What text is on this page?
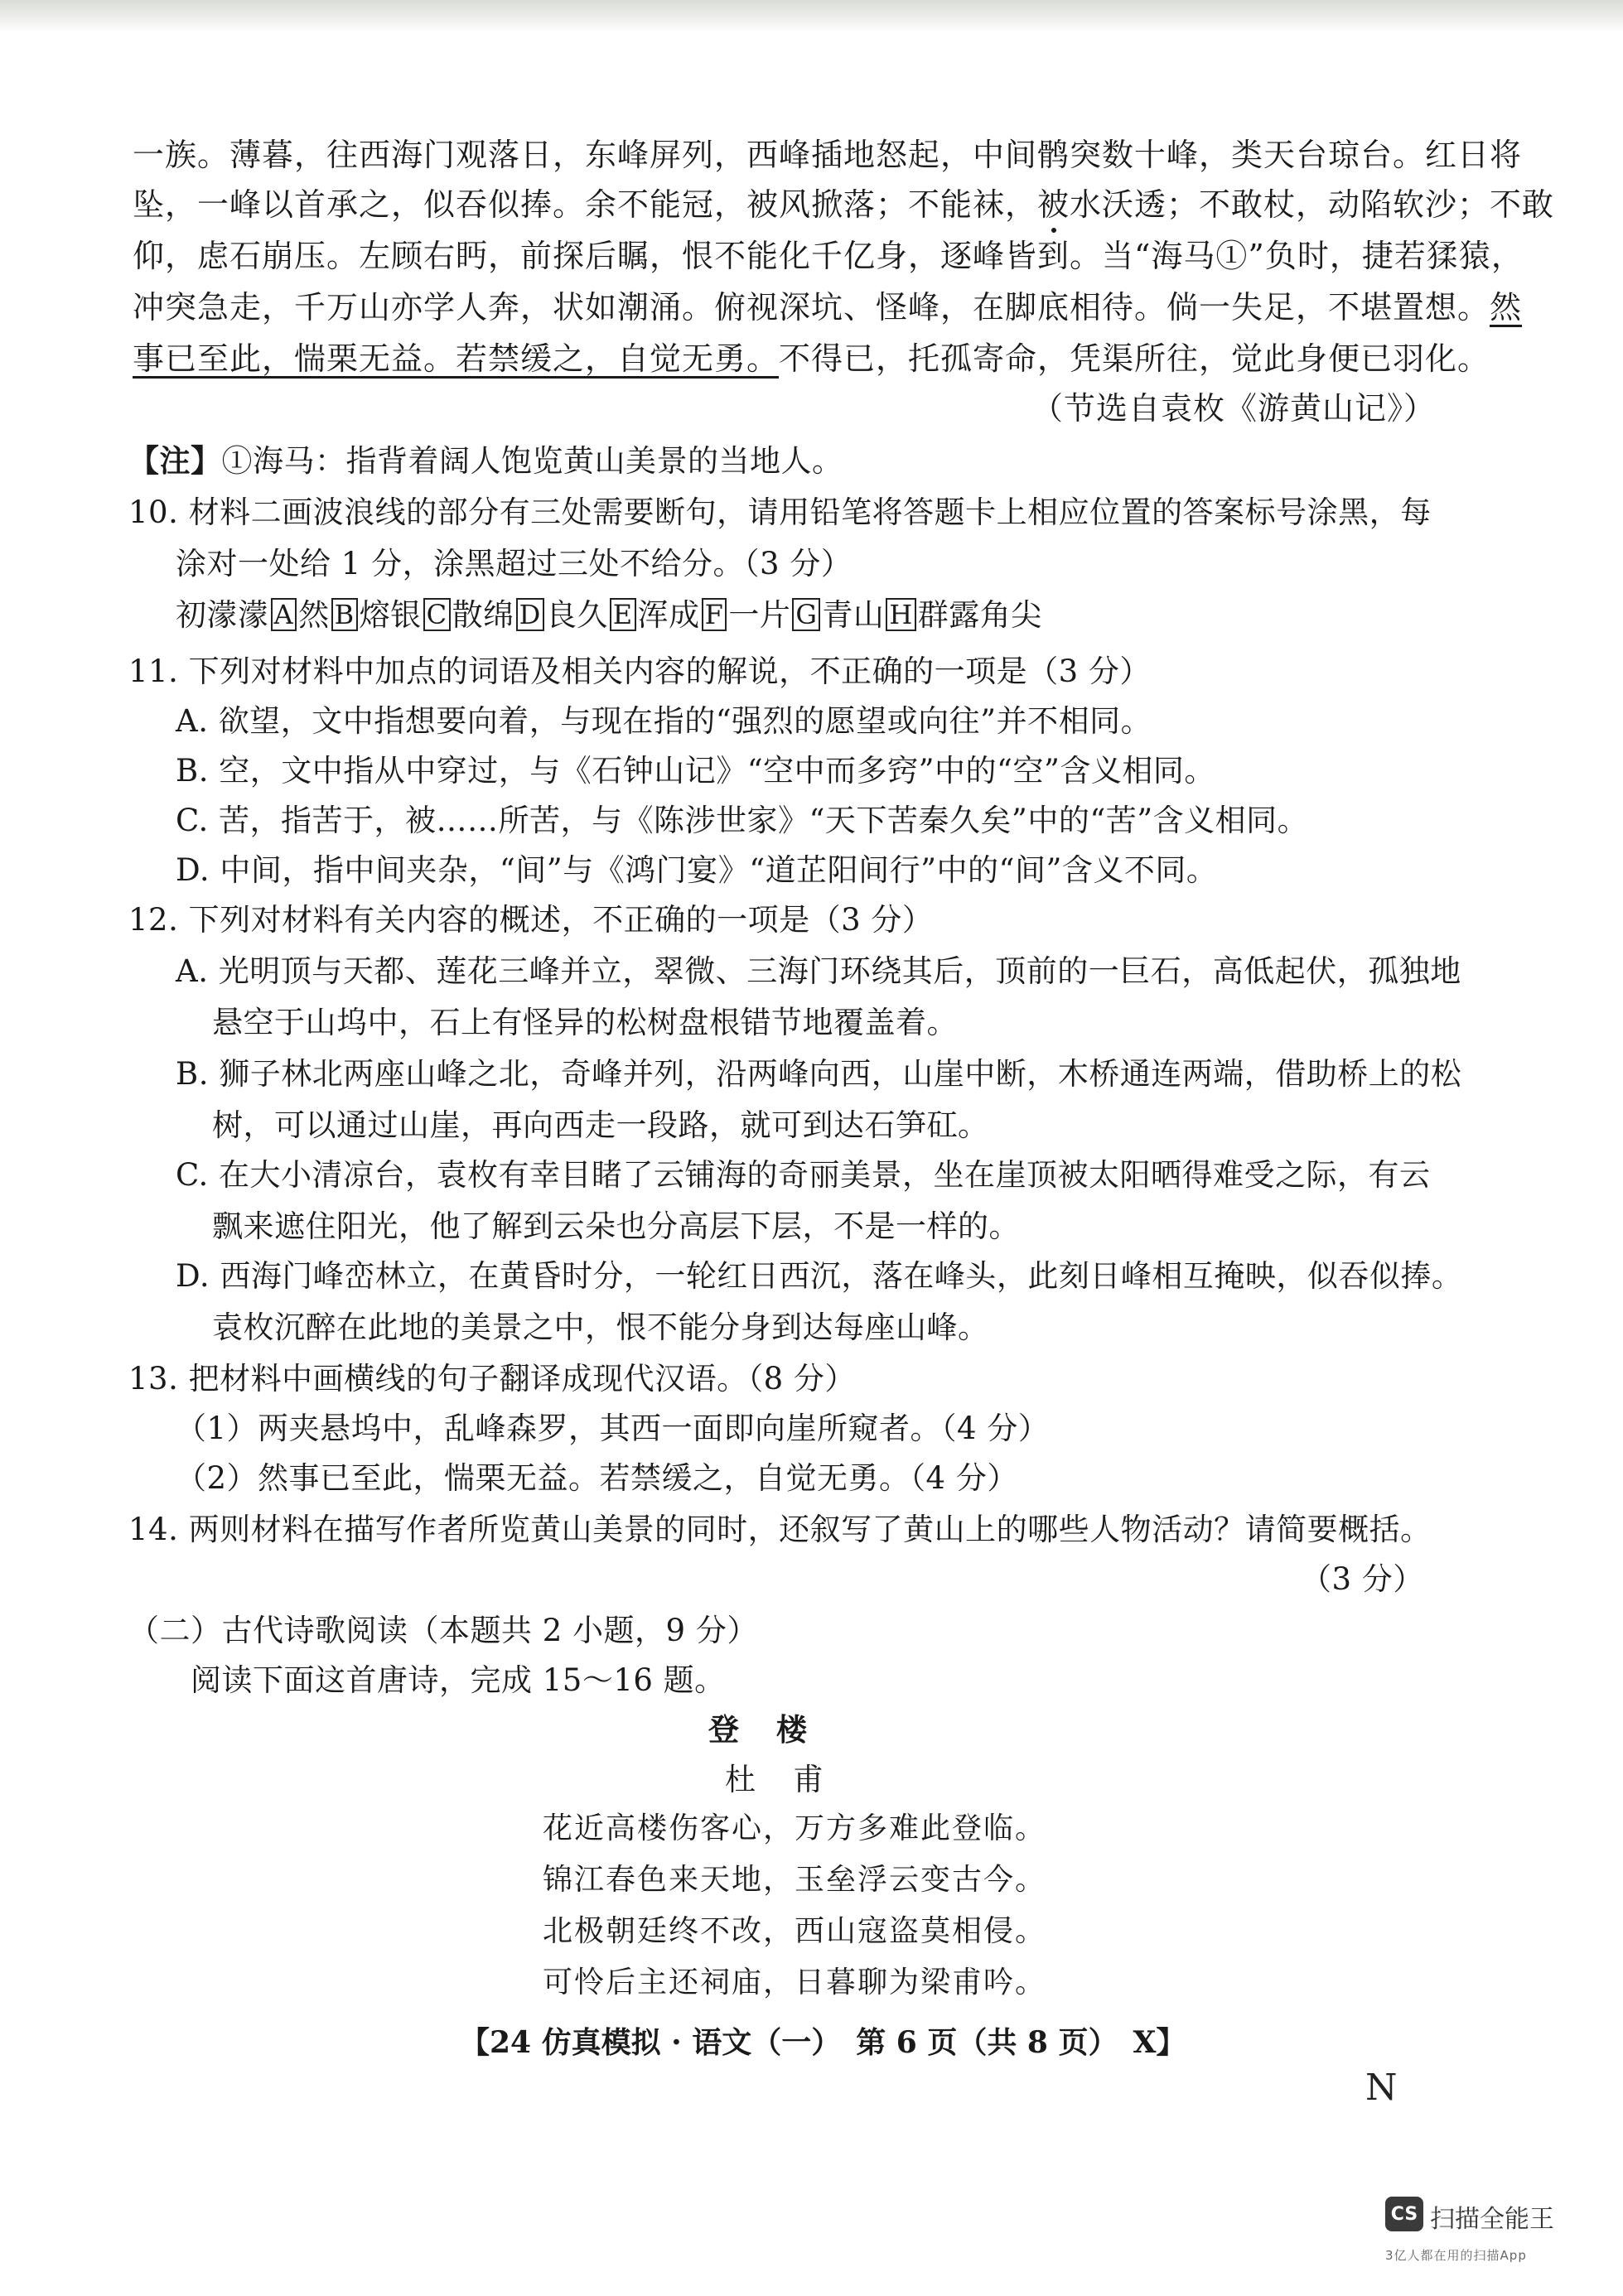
一族。薄暮，往西海门观落日，东峰屏列，西峰插地怒起，中间鹘突数十峰，类天台琼台。红日将
坠，一峰以首承之，似吞似捧。余不能冠，被风掀落；不能袜，被水沃透；不敢杖，动陷软沙；不敢
仰，虑石崩压。左顾右眄，前探后瞩，恨不能化千亿身，逐峰皆到。当“海马①”负时，捷若猱猿，
冲突急走，千万山亦学人奔，状如潮涌。俯视深坑、怪峰，在脚底相待。倘一失足，不堪置想。然
事已至此，惴栗无益。若禁缓之，自觉无勇。不得已，托孤寄命，凭渠所往，觉此身便已羽化。
（节选自袁枚《游黄山记》）
【注】①海马：指背着阔人饱览黄山美景的当地人。
10. 材料二画波浪线的部分有三处需要断句，请用铅笔将答题卡上相应位置的答案标号涂黑，每
涂对一处给 1 分，涂黑超过三处不给分。（3 分）
初濛濛 A 然 B 熔银 C 散绵 D 良久 E 浑成 F 一片 G 青山 H 群露角尖
11. 下列对材料中加点的词语及相关内容的解说，不正确的一项是（3 分）
A. 欲望，文中指想要向着，与现在指的“强烈的愿望或向往”并不相同。
B. 空，文中指从中穿过，与《石钟山记》“空中而多窍”中的“空”含义相同。
C. 苦，指苦于，被……所苦，与《陈涉世家》“天下苦秦久矣”中的“苦”含义相同。
D. 中间，指中间夹杂，“间”与《鸿门宴》“道芷阳间行”中的“间”含义不同。
12. 下列对材料有关内容的概述，不正确的一项是（3 分）
A. 光明顶与天都、莲花三峰并立，翠微、三海门环绕其后，顶前的一巨石，高低起伏，孤独地
悬空于山坞中，石上有怪异的松树盘根错节地覆盖着。
B. 狮子林北两座山峰之北，奇峰并列，沿两峰向西，山崖中断，木桥通连两端，借助桥上的松
树，可以通过山崖，再向西走一段路，就可到达石笋矼。
C. 在大小清凉台，袁枚有幸目睹了云铺海的奇丽美景，坐在崖顶被太阳晒得难受之际，有云
飘来遮住阳光，他了解到云朵也分高层下层，不是一样的。
D. 西海门峰峦林立，在黄昏时分，一轮红日西沉，落在峰头，此刻日峰相互掩映，似吞似捧。
袁枚沉醉在此地的美景之中，恨不能分身到达每座山峰。
13. 把材料中画横线的句子翻译成现代汉语。（8 分）
（1）两夹悬坞中，乱峰森罗，其西一面即向崖所窥者。（4 分）
（2）然事已至此，惴栗无益。若禁缓之，自觉无勇。（4 分）
14. 两则材料在描写作者所览黄山美景的同时，还叙写了黄山上的哪些人物活动？请简要概括。
（3 分）
（二）古代诗歌阅读（本题共 2 小题，9 分）
阅读下面这首唐诗，完成 15～16 题。
登　楼
杜　甫
花近高楼伤客心，万方多难此登临。
锦江春色来天地，玉垒浮云变古今。
北极朝廷终不改，西山寇盗莫相侵。
可怜后主还祠庙，日暮聊为梁甫吟。
【24 仿真模拟 · 语文（一）　第 6 页（共 8 页）　X】
N
CS 扫描全能王
3亿人都在用的扫描App
